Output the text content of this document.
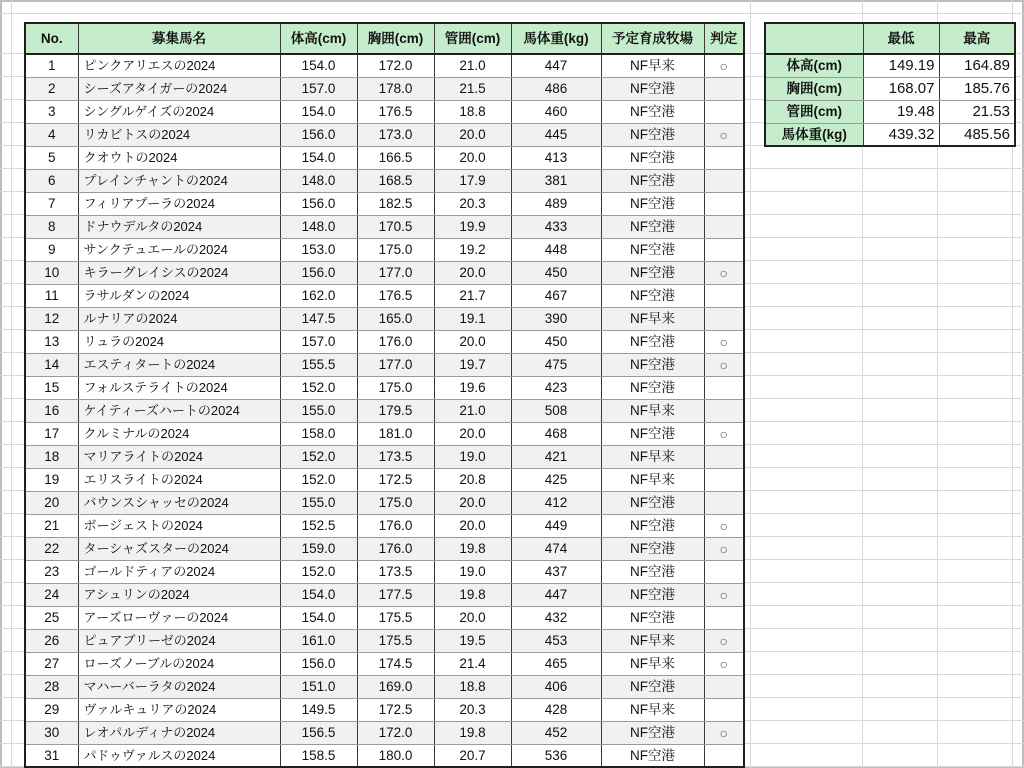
No.	募集馬名	体高(cm)	胸囲(cm)	管囲(cm)	馬体重(kg)	予定育成牧場	判定
1	ピンクアリエスの2024	154.0	172.0	21.0	447	NF早来	○
2	シーズアタイガーの2024	157.0	178.0	21.5	486	NF空港	
3	シングルゲイズの2024	154.0	176.5	18.8	460	NF空港	
4	リカビトスの2024	156.0	173.0	20.0	445	NF空港	○
5	クオウトの2024	154.0	166.5	20.0	413	NF空港	
6	プレインチャントの2024	148.0	168.5	17.9	381	NF空港	
7	フィリアプーラの2024	156.0	182.5	20.3	489	NF空港	
8	ドナウデルタの2024	148.0	170.5	19.9	433	NF空港	
9	サンクテュエールの2024	153.0	175.0	19.2	448	NF空港	
10	キラーグレイシスの2024	156.0	177.0	20.0	450	NF空港	○
11	ラサルダンの2024	162.0	176.5	21.7	467	NF空港	
12	ルナリアの2024	147.5	165.0	19.1	390	NF早来	
13	リュラの2024	157.0	176.0	20.0	450	NF空港	○
14	エスティタートの2024	155.5	177.0	19.7	475	NF空港	○
15	フォルステライトの2024	152.0	175.0	19.6	423	NF空港	
16	ケイティーズハートの2024	155.0	179.5	21.0	508	NF早来	
17	クルミナルの2024	158.0	181.0	20.0	468	NF空港	○
18	マリアライトの2024	152.0	173.5	19.0	421	NF早来	
19	エリスライトの2024	152.0	172.5	20.8	425	NF早来	
20	バウンスシャッセの2024	155.0	175.0	20.0	412	NF空港	
21	ボージェストの2024	152.5	176.0	20.0	449	NF空港	○
22	ターシャズスターの2024	159.0	176.0	19.8	474	NF空港	○
23	ゴールドティアの2024	152.0	173.5	19.0	437	NF空港	
24	アシュリンの2024	154.0	177.5	19.8	447	NF空港	○
25	アーズローヴァーの2024	154.0	175.5	20.0	432	NF空港	
26	ピュアブリーゼの2024	161.0	175.5	19.5	453	NF早来	○
27	ローズノーブルの2024	156.0	174.5	21.4	465	NF早来	○
28	マハーバーラタの2024	151.0	169.0	18.8	406	NF空港	
29	ヴァルキュリアの2024	149.5	172.5	20.3	428	NF早来	
30	レオパルディナの2024	156.5	172.0	19.8	452	NF空港	○
31	パドゥヴァルスの2024	158.5	180.0	20.7	536	NF空港	
	最低	最高
体高(cm)	149.19	164.89
胸囲(cm)	168.07	185.76
管囲(cm)	19.48	21.53
馬体重(kg)	439.32	485.56
